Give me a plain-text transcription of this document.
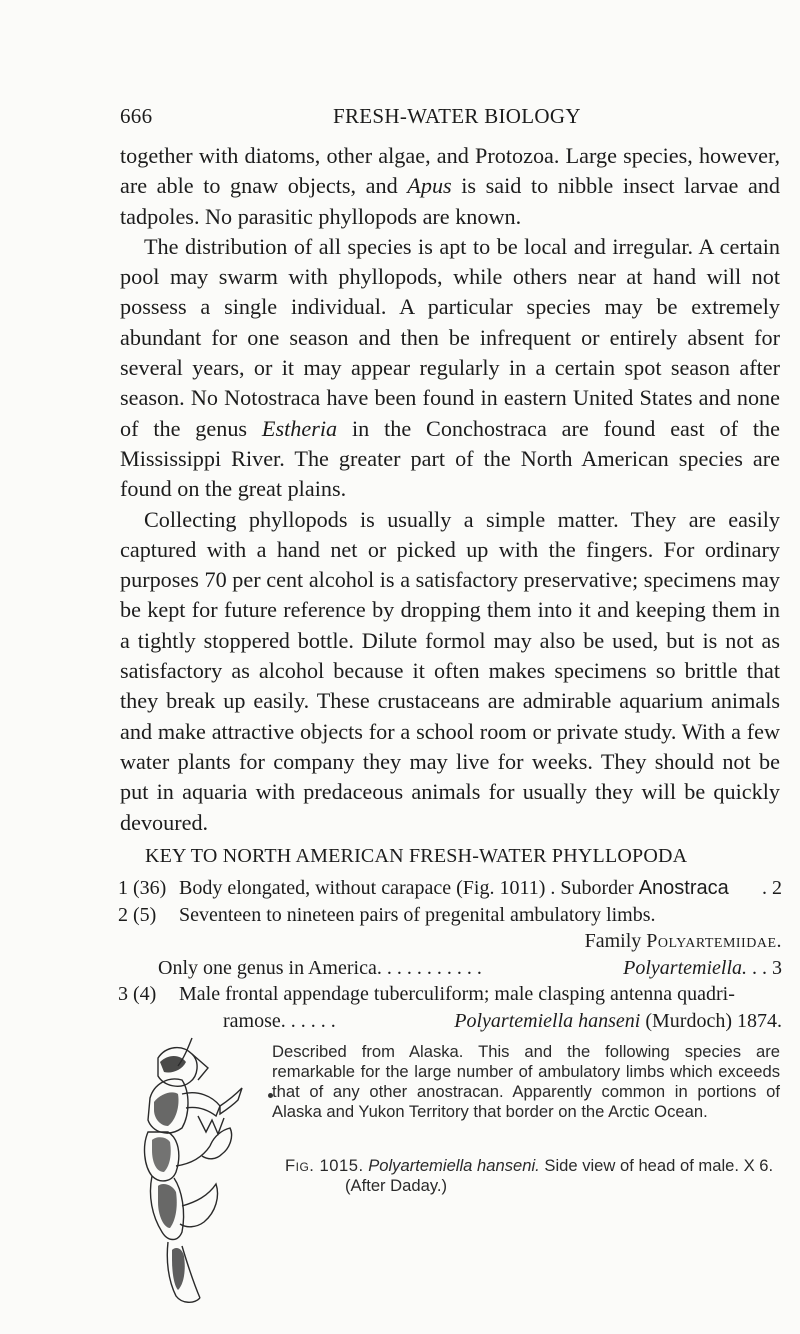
666	FRESH-WATER BIOLOGY

together with diatoms, other algae, and Protozoa. Large species, however, are able to gnaw objects, and Apus is said to nibble insect larvae and tadpoles. No parasitic phyllopods are known.

The distribution of all species is apt to be local and irregular. A certain pool may swarm with phyllopods, while others near at hand will not possess a single individual. A particular species may be extremely abundant for one season and then be infrequent or entirely absent for several years, or it may appear regularly in a certain spot season after season. No Notostraca have been found in eastern United States and none of the genus Estheria in the Conchostraca are found east of the Mississippi River. The greater part of the North American species are found on the great plains.

Collecting phyllopods is usually a simple matter. They are easily captured with a hand net or picked up with the fingers. For ordinary purposes 70 per cent alcohol is a satisfactory preservative; specimens may be kept for future reference by dropping them into it and keeping them in a tightly stoppered bottle. Dilute formol may also be used, but is not as satisfactory as alcohol because it often makes specimens so brittle that they break up easily. These crustaceans are admirable aquarium animals and make attractive objects for a school room or private study. With a few water plants for company they may live for weeks. They should not be put in aquaria with predaceous animals for usually they will be quickly devoured.

KEY TO NORTH AMERICAN FRESH-WATER PHYLLOPODA
1 (36) Body elongated, without carapace (Fig. 1011) . Suborder Anostraca . 2
2 (5) Seventeen to nineteen pairs of pregenital ambulatory limbs.
Family Polyartemiidae.
Only one genus in America. . . . . . . . . . .	Polyartemiella. . . 3
3 (4) Male frontal appendage tuberculiform; male clasping antenna quadri-
ramose. . . . . .	Polyartemiella hanseni (Murdoch) 1874.
Described from Alaska. This and the following species are remarkable for the large number of ambulatory limbs which exceeds that of any other anostracan. Apparently common in portions of Alaska and Yukon Territory that border on the Arctic Ocean.
Fig. 1015. Polyartemiella hanseni. Side view of head of male. X 6.
(After Daday.)
